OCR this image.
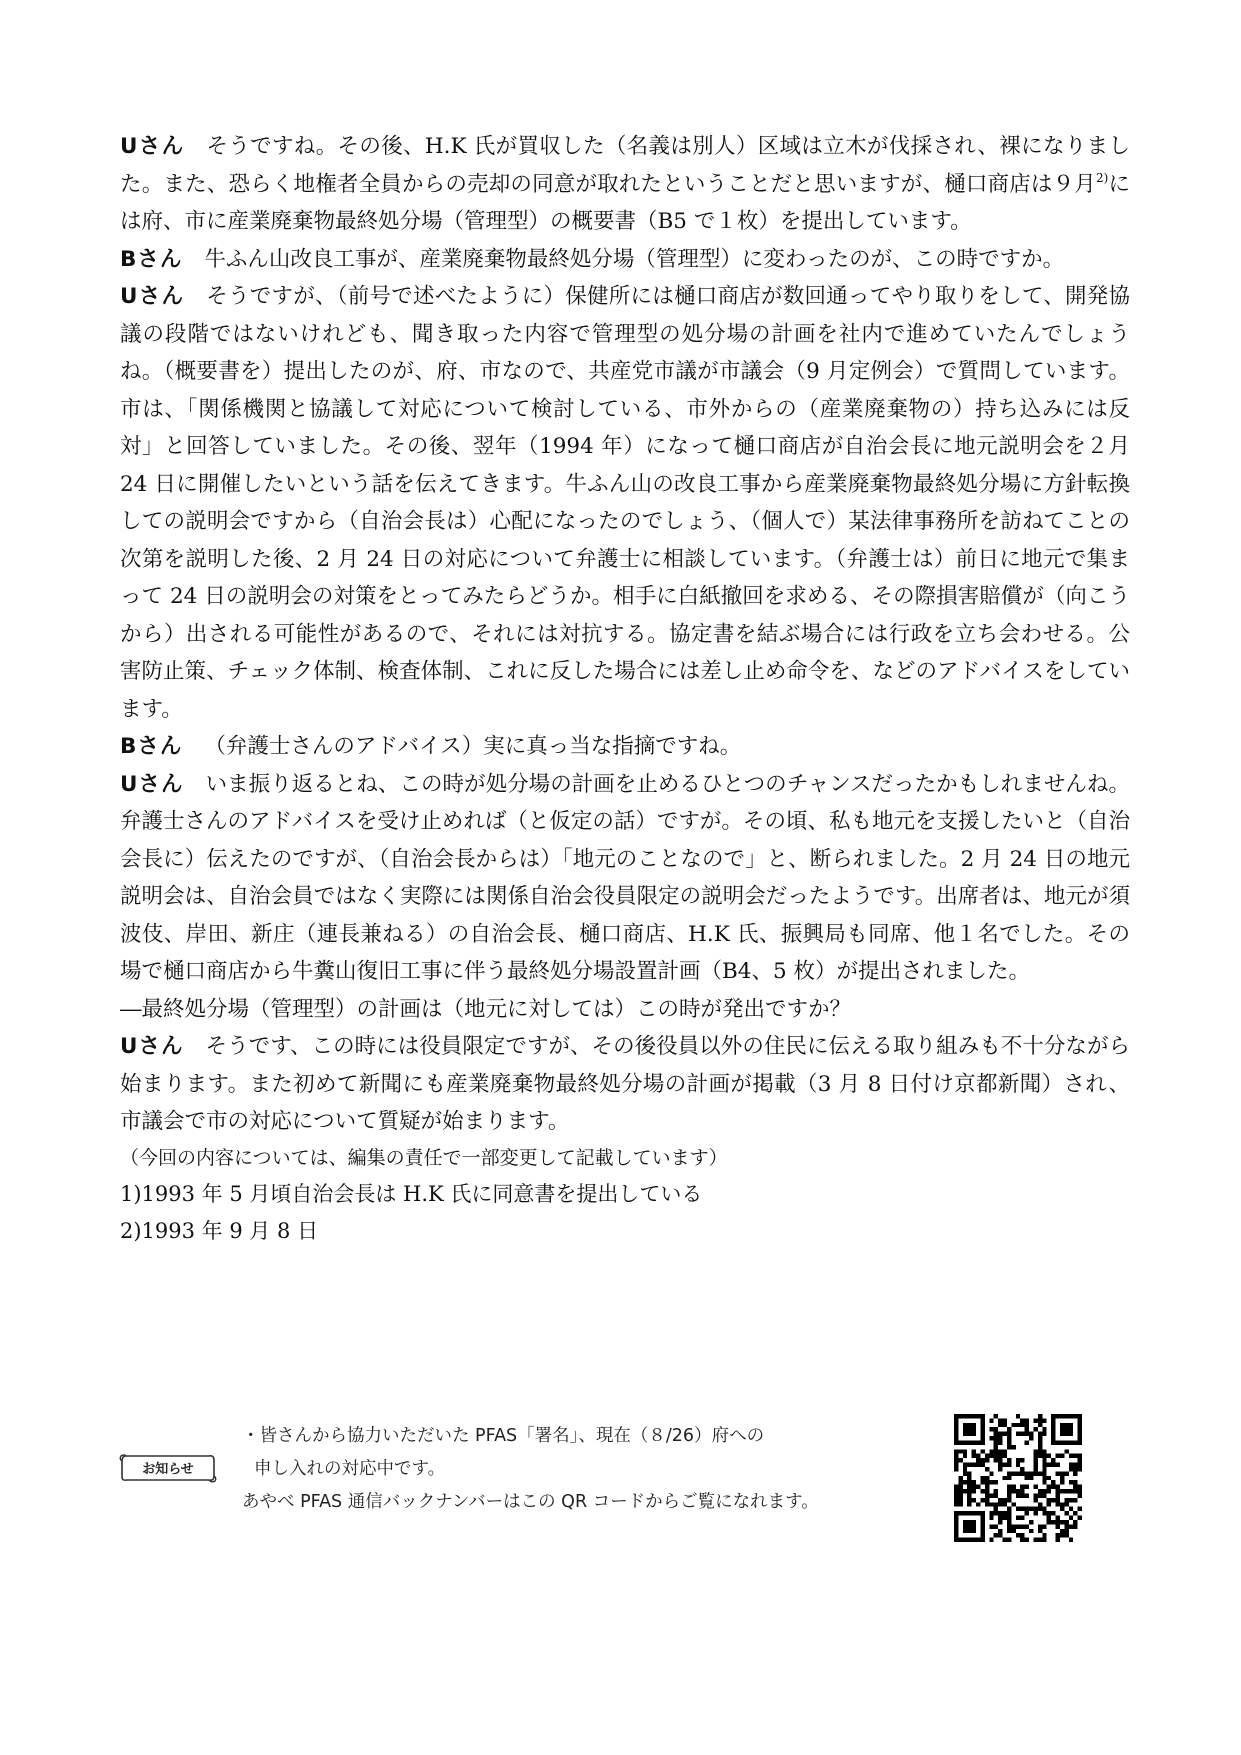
Uさん そうですね。その後、H.K 氏が買収した（名義は別人）区域は立木が伐採され、裸になりました。また、恐らく地権者全員からの売却の同意が取れたということだと思いますが、樋口商店は９月$^{2)}$には府、市に産業廃棄物最終処分場（管理型）の概要書（B5 で１枚）を提出しています。

Bさん 牛ふん山改良工事が、産業廃棄物最終処分場（管理型）に変わったのが、この時ですか。

Uさん そうですが、（前号で述べたように）保健所には樋口商店が数回通ってやり取りをして、開発協議の段階ではないけれども、聞き取った内容で管理型の処分場の計画を社内で進めていたんでしょうね。（概要書を）提出したのが、府、市なので、共産党市議が市議会（9 月定例会）で質問しています。市は、「関係機関と協議して対応について検討している、市外からの（産業廃棄物の）持ち込みには反対」と回答していました。その後、翌年（1994 年）になって樋口商店が自治会長に地元説明会を２月 24 日に開催したいという話を伝えてきます。牛ふん山の改良工事から産業廃棄物最終処分場に方針転換しての説明会ですから（自治会長は）心配になったのでしょう、（個人で）某法律事務所を訪ねてことの次第を説明した後、2 月 24 日の対応について弁護士に相談しています。（弁護士は）前日に地元で集まって 24 日の説明会の対策をとってみたらどうか。相手に白紙撤回を求める、その際損害賠償が（向こうから）出される可能性があるので、それには対抗する。協定書を結ぶ場合には行政を立ち会わせる。公害防止策、チェック体制、検査体制、これに反した場合には差し止め命令を、などのアドバイスをしています。

Bさん （弁護士さんのアドバイス）実に真っ当な指摘ですね。

Uさん いま振り返るとね、この時が処分場の計画を止めるひとつのチャンスだったかもしれませんね。弁護士さんのアドバイスを受け止めれば（と仮定の話）ですが。その頃、私も地元を支援したいと（自治会長に）伝えたのですが、（自治会長からは）「地元のことなので」と、断られました。2 月 24 日の地元説明会は、自治会員ではなく実際には関係自治会役員限定の説明会だったようです。出席者は、地元が須波伎、岸田、新庄（連長兼ねる）の自治会長、樋口商店、H.K 氏、振興局も同席、他１名でした。その場で樋口商店から牛糞山復旧工事に伴う最終処分場設置計画（B4、5 枚）が提出されました。

―最終処分場（管理型）の計画は（地元に対しては）この時が発出ですか？

Uさん そうです、この時には役員限定ですが、その後役員以外の住民に伝える取り組みも不十分ながら始まります。また初めて新聞にも産業廃棄物最終処分場の計画が掲載（3 月 8 日付け京都新聞）され、市議会で市の対応について質疑が始まります。

（今回の内容については、編集の責任で一部変更して記載しています）

1)1993 年 5 月頃自治会長は H.K 氏に同意書を提出している

2)1993 年 9 月 8 日

お知らせ
・皆さんから協力いただいた PFAS「署名」、現在（８/26）府への
申し入れの対応中です。
あやべ PFAS 通信バックナンバーはこの QR コードからご覧になれます。
